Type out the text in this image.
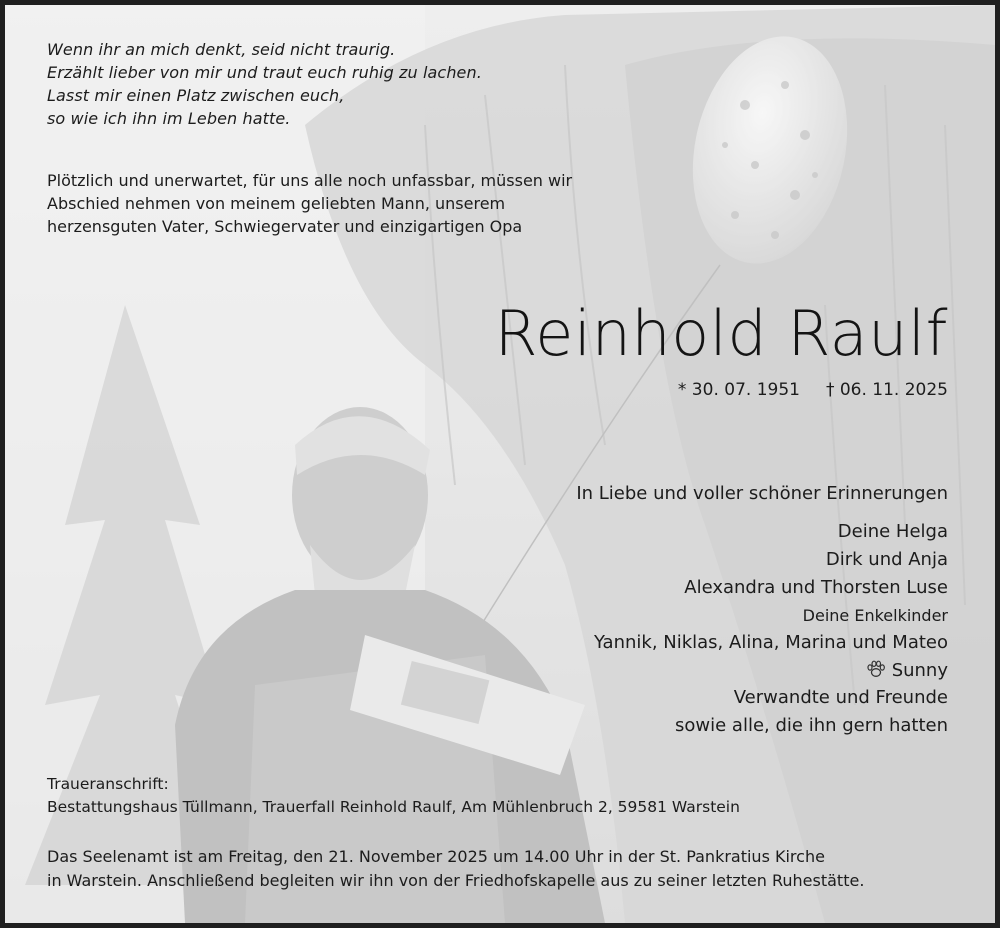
Wenn ihr an mich denkt, seid nicht traurig.
Erzählt lieber von mir und traut euch ruhig zu lachen.
Lasst mir einen Platz zwischen euch,
so wie ich ihn im Leben hatte.
Plötzlich und unerwartet, für uns alle noch unfassbar, müssen wir
Abschied nehmen von meinem geliebten Mann, unserem
herzensguten Vater, Schwiegervater und einzigartigen Opa
Reinhold Raulf
* 30. 07. 1951 † 06. 11. 2025
In Liebe und voller schöner Erinnerungen
Deine Helga
Dirk und Anja
Alexandra und Thorsten Luse
Deine Enkelkinder
Yannik, Niklas, Alina, Marina und Mateo
Sunny
Verwandte und Freunde
sowie alle, die ihn gern hatten
Traueranschrift:
Bestattungshaus Tüllmann, Trauerfall Reinhold Raulf, Am Mühlenbruch 2, 59581 Warstein
Das Seelenamt ist am Freitag, den 21. November 2025 um 14.00 Uhr in der St. Pankratius Kirche
in Warstein. Anschließend begleiten wir ihn von der Friedhofskapelle aus zu seiner letzten Ruhestätte.
